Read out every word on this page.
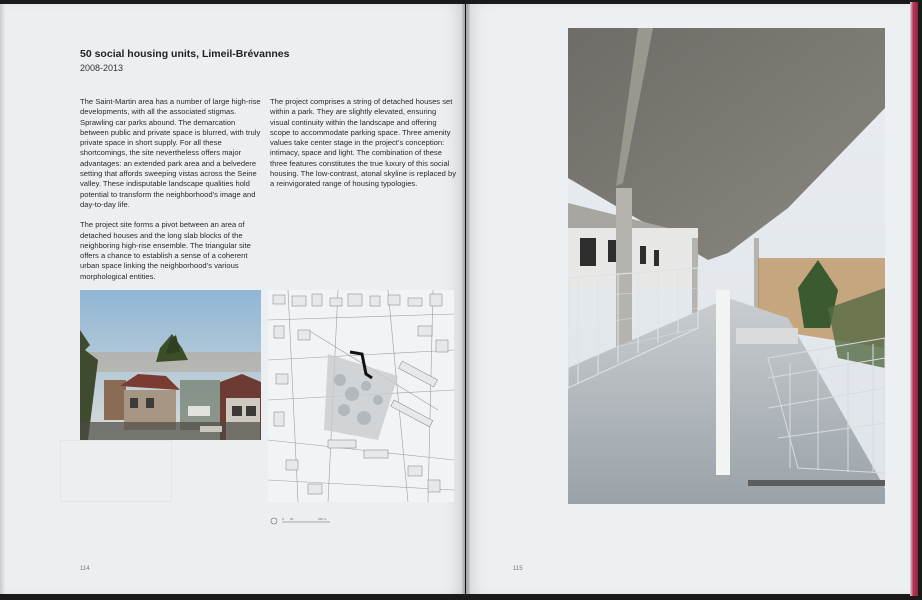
50 social housing units, Limeil-Brévannes
2008-2013

The Saint-Martin area has a number of large high-rise developments, with all the associated stigmas. Sprawling car parks abound. The demarcation between public and private space is blurred, with truly private space in short supply. For all these shortcomings, the site nevertheless offers major advantages: an extended park area and a belvedere setting that affords sweeping vistas across the Seine valley. These indisputable landscape qualities hold potential to transform the neighborhood’s image and day-to-day life.

The project site forms a pivot between an area of detached houses and the long slab blocks of the neighboring high-rise ensemble. The triangular site offers a chance to establish a sense of a coherent urban space linking the neighborhood’s various morphological entities.

The project comprises a string of detached houses set within a park. They are slightly elevated, ensuring visual continuity within the landscape and offering scope to accommodate parking space. Three amenity values take center stage in the project’s conception: intimacy, space and light. The combination of these three features constitutes the true luxury of this social housing. The low-contrast, atonal skyline is replaced by a reinvigorated range of housing typologies.

0 50	100 m
114	115
